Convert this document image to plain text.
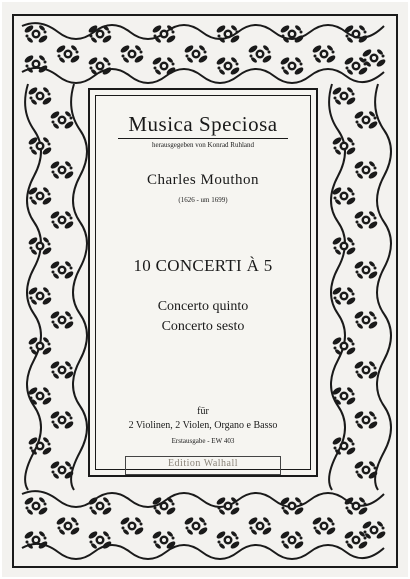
Musica Speciosa
herausgegeben von Konrad Ruhland
Charles Mouthon
(1626 - um 1699)
10 CONCERTI À 5
Concerto quinto
Concerto sesto
für
2 Violinen, 2 Violen, Organo e Basso
Erstausgabe - EW 403
Edition Walhall
